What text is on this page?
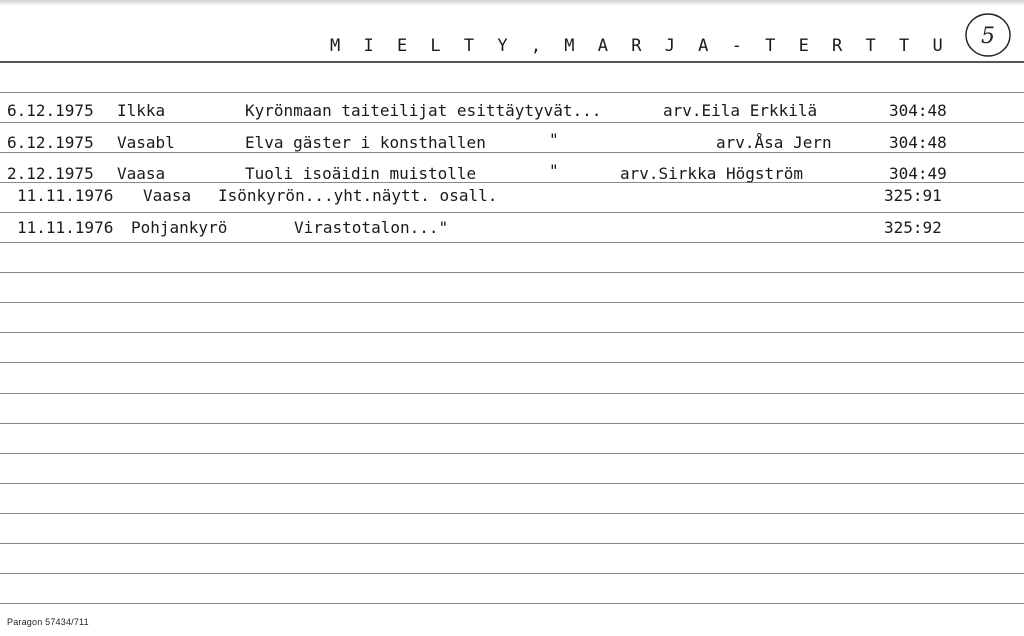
M I E L T Y , M A R J A - T E R T T U 5
6.12.1975 Ilkka	Kyrönmaan taiteilijat esittäytyvät...	arv.Eila Erkkilä	304:48
6.12.1975 Vasabl	Elva gäster i konsthallen	"	arv.Åsa Jern	304:48
2.12.1975 Vaasa	Tuoli isoäidin muistolle	"	arv.Sirkka Högström	304:49
11.11.1976 Vaasa Isönkyrön...yht.näytt. osall.	325:91
11.11.1976 Pohjankyrö	Virastotalon..."	325:92
Paragon 57434/711
